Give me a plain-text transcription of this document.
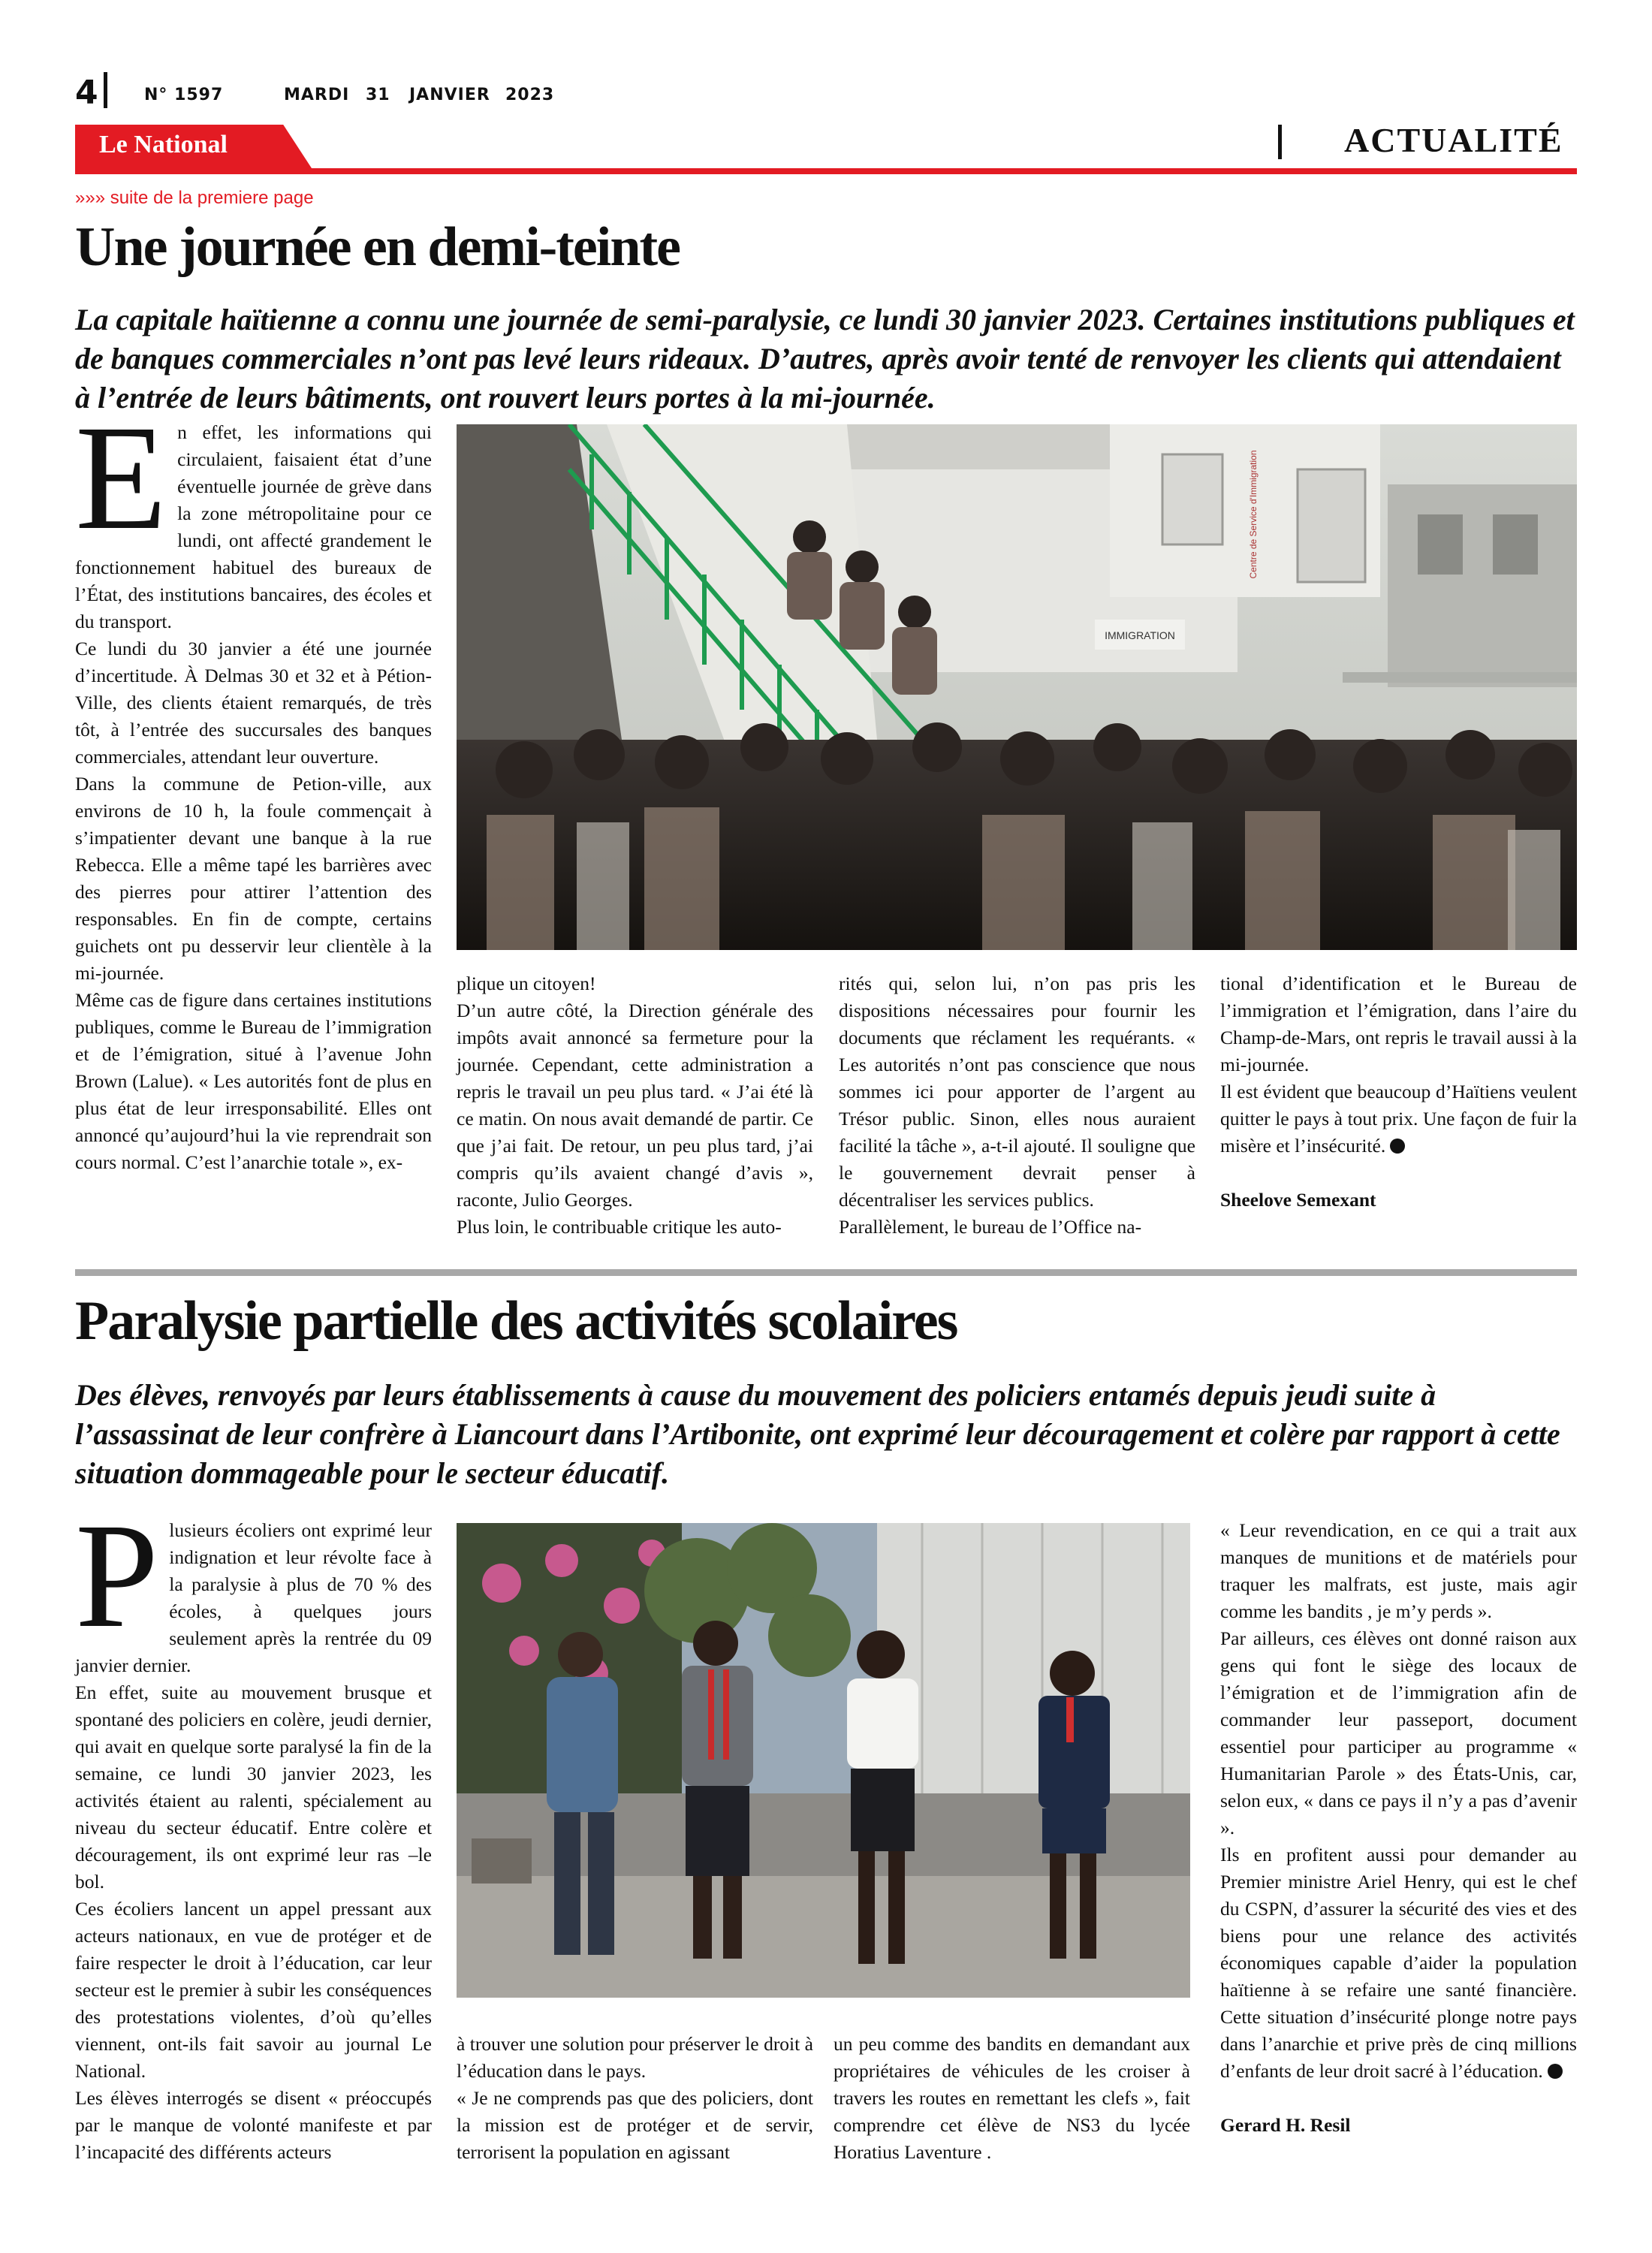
4	N° 1597	MARDI 31 JANVIER 2023
Le National	ACTUALITÉ
»»» suite de la premiere page
Une journée en demi-teinte

La capitale haïtienne a connu une journée de semi-paralysie, ce lundi 30 janvier 2023. Certaines institutions publiques et de banques commerciales n’ont pas levé leurs rideaux. D’autres, après avoir tenté de renvoyer les clients qui attendaient à l’entrée de leurs bâtiments, ont rouvert leurs portes à la mi-journée.

E n effet, les informations qui circulaient, faisaient état d’une éventuelle journée de grève dans la zone métropolitaine pour ce lundi, ont affecté grandement le fonctionnement habituel des bureaux de l’État, des institutions bancaires, des écoles et du transport.

Ce lundi du 30 janvier a été une journée d’incertitude. À Delmas 30 et 32 et à Pétion-Ville, des clients étaient remarqués, de très tôt, à l’entrée des succursales des banques commerciales, attendant leur ouverture.

Dans la commune de Petion-ville, aux environs de 10 h, la foule commençait à s’impatienter devant une banque à la rue Rebecca. Elle a même tapé les barrières avec des pierres pour attirer l’attention des responsables. En fin de compte, certains guichets ont pu desservir leur clientèle à la mi-journée.

Même cas de figure dans certaines institutions publiques, comme le Bureau de l’immigration et de l’émigration, situé à l’avenue John Brown (Lalue). « Les autorités font de plus en plus état de leur irresponsabilité. Elles ont annoncé qu’aujourd’hui la vie reprendrait son cours normal. C’est l’anarchie totale », ex-

IMMIGRATION
Centre de Service d'Immigration

plique un citoyen!

D’un autre côté, la Direction générale des impôts avait annoncé sa fermeture pour la journée. Cependant, cette administration a repris le travail un peu plus tard. « J’ai été là ce matin. On nous avait demandé de partir. Ce que j’ai fait. De retour, un peu plus tard, j’ai compris qu’ils avaient changé d’avis », raconte, Julio Georges.

Plus loin, le contribuable critique les auto-

rités qui, selon lui, n’on pas pris les dispositions nécessaires pour fournir les documents que réclament les requérants. « Les autorités n’ont pas conscience que nous sommes ici pour apporter de l’argent au Trésor public. Sinon, elles nous auraient facilité la tâche », a-t-il ajouté. Il souligne que le gouvernement devrait penser à décentraliser les services publics.

Parallèlement, le bureau de l’Office na-

tional d’identification et le Bureau de l’immigration et l’émigration, dans l’aire du Champ-de-Mars, ont repris le travail aussi à la mi-journée.

Il est évident que beaucoup d’Haïtiens veulent quitter le pays à tout prix. Une façon de fuir la misère et l’insécurité.

Sheelove Semexant
Paralysie partielle des activités scolaires

Des élèves, renvoyés par leurs établissements à cause du mouvement des policiers entamés depuis jeudi suite à l’assassinat de leur confrère à Liancourt dans l’Artibonite, ont exprimé leur découragement et colère par rapport à cette situation dommageable pour le secteur éducatif.

P lusieurs écoliers ont exprimé leur indignation et leur révolte face à la paralysie à plus de 70 % des écoles, à quelques jours seulement après la rentrée du 09 janvier dernier.

En effet, suite au mouvement brusque et spontané des policiers en colère, jeudi dernier, qui avait en quelque sorte paralysé la fin de la semaine, ce lundi 30 janvier 2023, les activités étaient au ralenti, spécialement au niveau du secteur éducatif. Entre colère et découragement, ils ont exprimé leur ras –le bol.

Ces écoliers lancent un appel pressant aux acteurs nationaux, en vue de protéger et de faire respecter le droit à l’éducation, car leur secteur est le premier à subir les conséquences des protestations violentes, d’où qu’elles viennent, ont-ils fait savoir au journal Le National.

Les élèves interrogés se disent « préoccupés par le manque de volonté manifeste et par l’incapacité des différents acteurs

à trouver une solution pour préserver le droit à l’éducation dans le pays.

« Je ne comprends pas que des policiers, dont la mission est de protéger et de servir, terrorisent la population en agissant

un peu comme des bandits en demandant aux propriétaires de véhicules de les croiser à travers les routes en remettant les clefs », fait comprendre cet élève de NS3 du lycée Horatius Laventure .

« Leur revendication, en ce qui a trait aux manques de munitions et de matériels pour traquer les malfrats, est juste, mais agir comme les bandits , je m’y perds ».

Par ailleurs, ces élèves ont donné raison aux gens qui font le siège des locaux de l’émigration et de l’immigration afin de commander leur passeport, document essentiel pour participer au programme « Humanitarian Parole » des États-Unis, car, selon eux, « dans ce pays il n’y a pas d’avenir ».

Ils en profitent aussi pour demander au Premier ministre Ariel Henry, qui est le chef du CSPN, d’assurer la sécurité des vies et des biens pour une relance des activités économiques capable d’aider la population haïtienne à se refaire une santé financière. Cette situation d’insécurité plonge notre pays dans l’anarchie et prive près de cinq millions d’enfants de leur droit sacré à l’éducation.

Gerard H. Resil
